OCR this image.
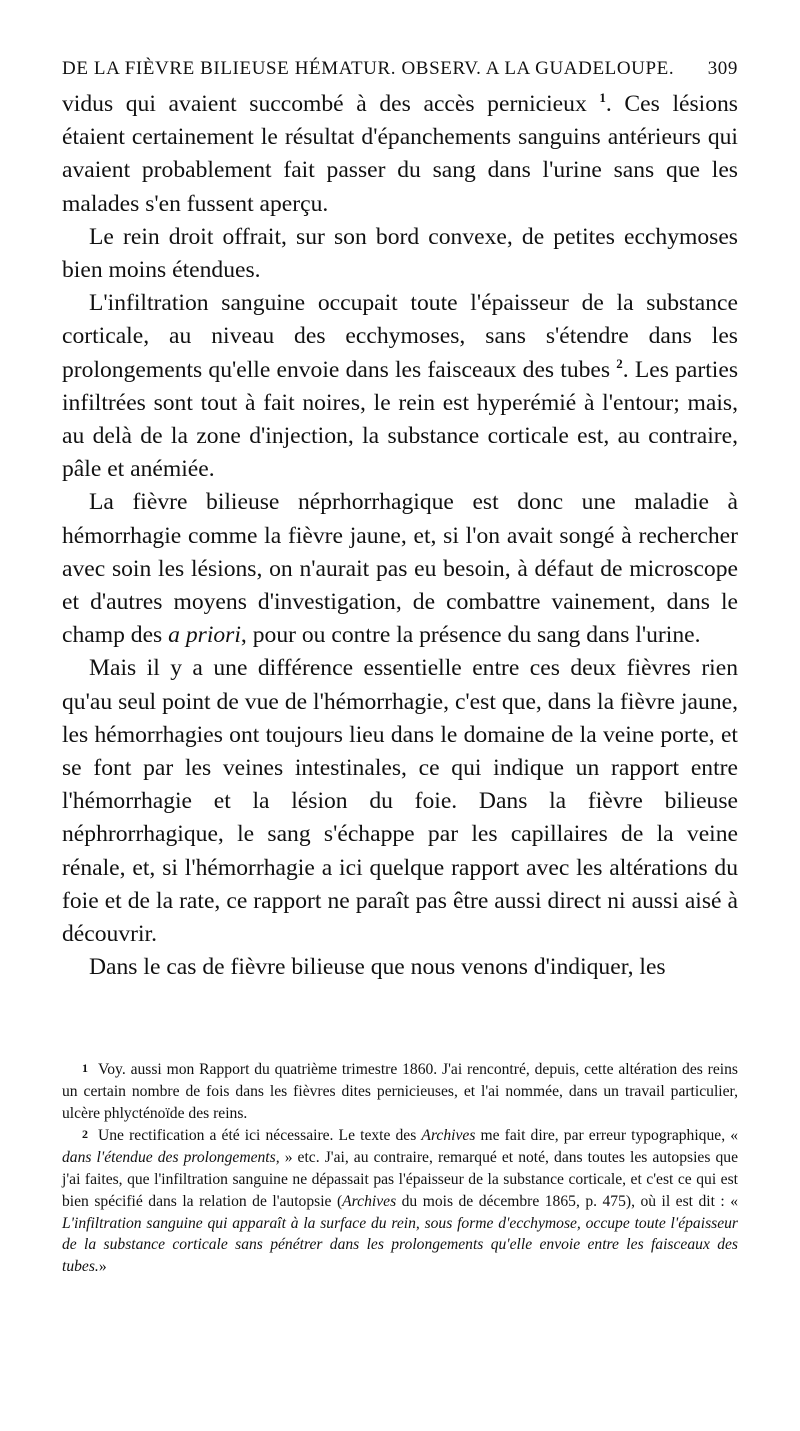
DE LA FIÈVRE BILIEUSE HÉMATUR. OBSERV. A LA GUADELOUPE. 309

vidus qui avaient succombé à des accès pernicieux $^1$. Ces lésions étaient certainement le résultat d'épanchements sanguins antérieurs qui avaient probablement fait passer du sang dans l'urine sans que les malades s'en fussent aperçu.

Le rein droit offrait, sur son bord convexe, de petites ecchymoses bien moins étendues.

L'infiltration sanguine occupait toute l'épaisseur de la substance corticale, au niveau des ecchymoses, sans s'étendre dans les prolongements qu'elle envoie dans les faisceaux des tubes $^2$. Les parties infiltrées sont tout à fait noires, le rein est hyperémié à l'entour; mais, au delà de la zone d'injection, la substance corticale est, au contraire, pâle et anémiée.

La fièvre bilieuse néprhorrhagique est donc une maladie à hémorrhagie comme la fièvre jaune, et, si l'on avait songé à rechercher avec soin les lésions, on n'aurait pas eu besoin, à défaut de microscope et d'autres moyens d'investigation, de combattre vainement, dans le champ des a priori, pour ou contre la présence du sang dans l'urine.

Mais il y a une différence essentielle entre ces deux fièvres rien qu'au seul point de vue de l'hémorrhagie, c'est que, dans la fièvre jaune, les hémorrhagies ont toujours lieu dans le domaine de la veine porte, et se font par les veines intestinales, ce qui indique un rapport entre l'hémorrhagie et la lésion du foie. Dans la fièvre bilieuse néphrorrhagique, le sang s'échappe par les capillaires de la veine rénale, et, si l'hémorrhagie a ici quelque rapport avec les altérations du foie et de la rate, ce rapport ne paraît pas être aussi direct ni aussi aisé à découvrir.

Dans le cas de fièvre bilieuse que nous venons d'indiquer, les

1 Voy. aussi mon Rapport du quatrième trimestre 1860. J'ai rencontré, depuis, cette altération des reins un certain nombre de fois dans les fièvres dites pernicieuses, et l'ai nommée, dans un travail particulier, ulcère phlycténoïde des reins.

2 Une rectification a été ici nécessaire. Le texte des Archives me fait dire, par erreur typographique, « dans l'étendue des prolongements, » etc. J'ai, au contraire, remarqué et noté, dans toutes les autopsies que j'ai faites, que l'infiltration sanguine ne dépassait pas l'épaisseur de la substance corticale, et c'est ce qui est bien spécifié dans la relation de l'autopsie (Archives du mois de décembre 1865, p. 475), où il est dit : « L'infiltration sanguine qui apparaît à la surface du rein, sous forme d'ecchymose, occupe toute l'épaisseur de la substance corticale sans pénétrer dans les prolongements qu'elle envoie entre les faisceaux des tubes.»
